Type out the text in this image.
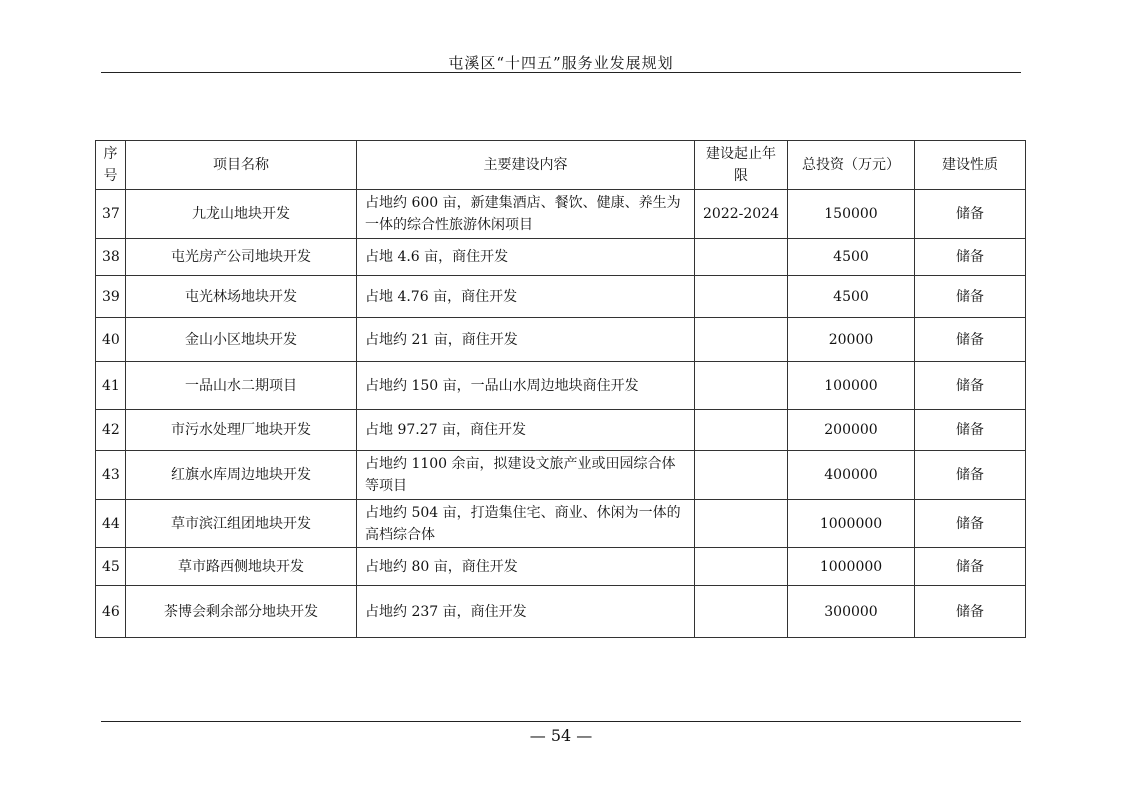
屯溪区“十四五”服务业发展规划
序号	项目名称	主要建设内容	建设起止年限	总投资（万元）	建设性质
37	九龙山地块开发	占地约 600 亩，新建集酒店、餐饮、健康、养生为一体的综合性旅游休闲项目	2022-2024	150000	储备
38	屯光房产公司地块开发	占地 4.6 亩，商住开发		4500	储备
39	屯光林场地块开发	占地 4.76 亩，商住开发		4500	储备
40	金山小区地块开发	占地约 21 亩，商住开发		20000	储备
41	一品山水二期项目	占地约 150 亩，一品山水周边地块商住开发		100000	储备
42	市污水处理厂地块开发	占地 97.27 亩，商住开发		200000	储备
43	红旗水库周边地块开发	占地约 1100 余亩，拟建设文旅产业或田园综合体等项目		400000	储备
44	草市滨江组团地块开发	占地约 504 亩，打造集住宅、商业、休闲为一体的高档综合体		1000000	储备
45	草市路西侧地块开发	占地约 80 亩，商住开发		1000000	储备
46	茶博会剩余部分地块开发	占地约 237 亩，商住开发		300000	储备
— 54 —
